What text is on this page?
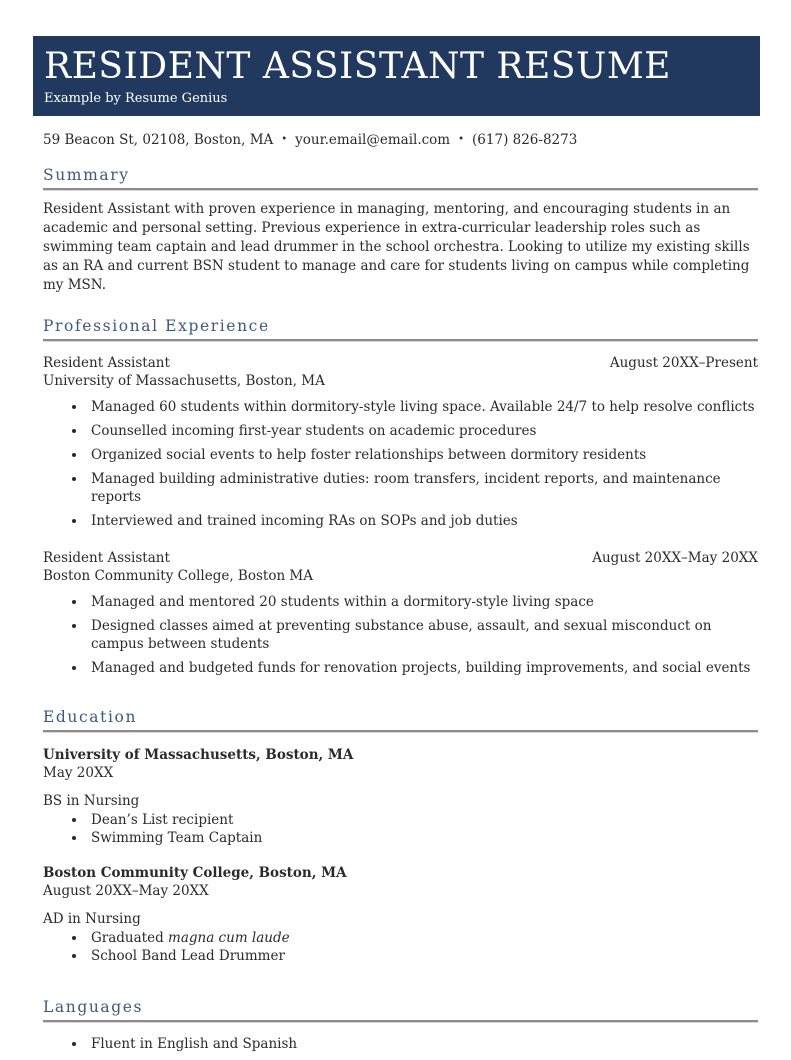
RESIDENT ASSISTANT RESUME
Example by Resume Genius
59 Beacon St, 02108, Boston, MA • your.email@email.com • (617) 826-8273
Summary

Resident Assistant with proven experience in managing, mentoring, and encouraging students in an academic and personal setting. Previous experience in extra-curricular leadership roles such as swimming team captain and lead drummer in the school orchestra. Looking to utilize my existing skills as an RA and current BSN student to manage and care for students living on campus while completing my MSN.

Professional Experience
Resident Assistant	August 20XX–Present
University of Massachusetts, Boston, MA
• Managed 60 students within dormitory-style living space. Available 24/7 to help resolve conflicts
• Counselled incoming first-year students on academic procedures
• Organized social events to help foster relationships between dormitory residents
• Managed building administrative duties: room transfers, incident reports, and maintenance reports
• Interviewed and trained incoming RAs on SOPs and job duties
Resident Assistant	August 20XX–May 20XX
Boston Community College, Boston MA
• Managed and mentored 20 students within a dormitory-style living space
• Designed classes aimed at preventing substance abuse, assault, and sexual misconduct on campus between students
• Managed and budgeted funds for renovation projects, building improvements, and social events
Education
University of Massachusetts, Boston, MA
May 20XX
BS in Nursing
• Dean’s List recipient
• Swimming Team Captain
Boston Community College, Boston, MA
August 20XX–May 20XX
AD in Nursing
• Graduated magna cum laude
• School Band Lead Drummer
Languages
• Fluent in English and Spanish
